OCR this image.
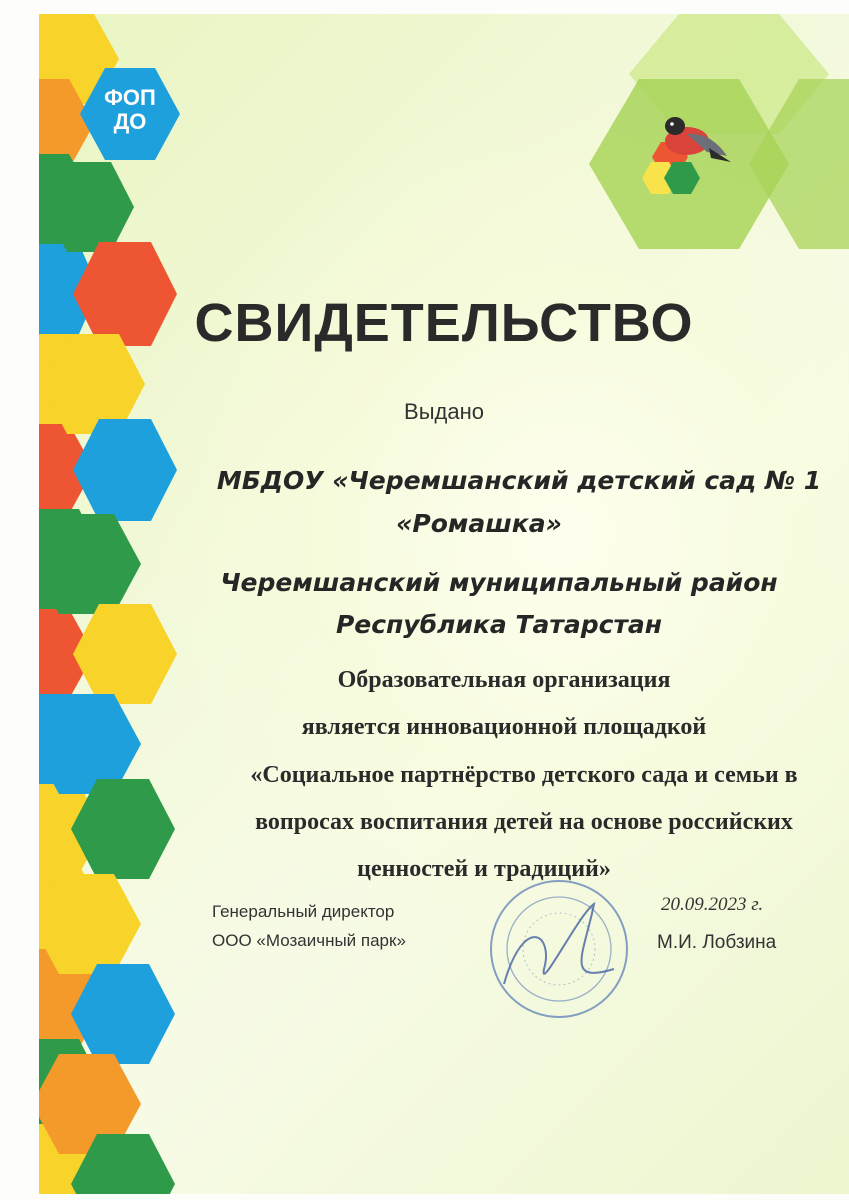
ФОП
ДО
СВИДЕТЕЛЬСТВО
Выдано
МБДОУ «Черемшанский детский сад № 1
«Ромашка»
Черемшанский муниципальный район
Республика Татарстан
Образовательная организация
является инновационной площадкой
«Социальное партнёрство детского сада и семьи в
вопросах воспитания детей на основе российских
ценностей и традиций»
Генеральный директор
ООО «Мозаичный парк»
20.09.2023 г.
М.И. Лобзина
